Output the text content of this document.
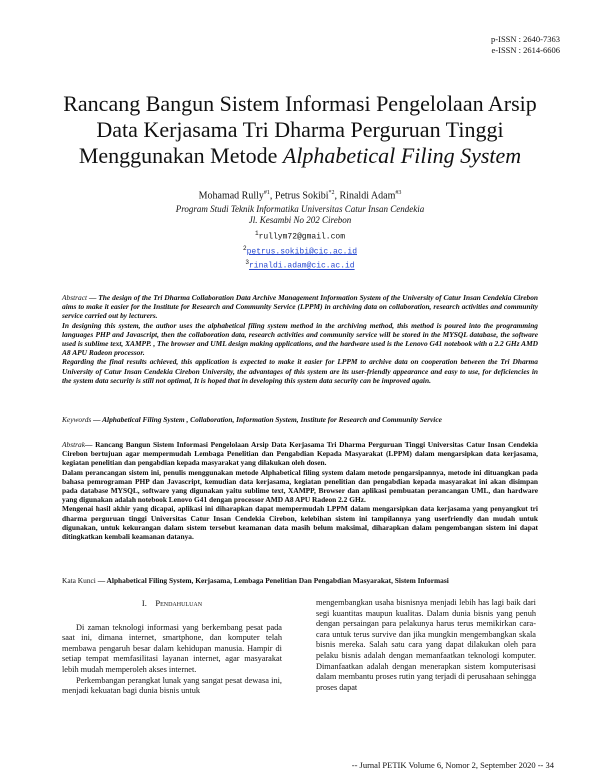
p-ISSN : 2640-7363
e-ISSN : 2614-6606
Rancang Bangun Sistem Informasi Pengelolaan Arsip Data Kerjasama Tri Dharma Perguruan Tinggi Menggunakan Metode Alphabetical Filing System
Mohamad Rully$^{\#1}$, Petrus Sokibi$^{*2}$, Rinaldi Adam$^{\#3}$
Program Studi Teknik Informatika Universitas Catur Insan Cendekia
Jl. Kesambi No 202 Cirebon
$^1$rullym72@gmail.com
$^2$petrus.sokibi@cic.ac.id
$^3$rinaldi.adam@cic.ac.id

Abstract — The design of the Tri Dharma Collaboration Data Archive Management Information System of the University of Catur Insan Cendekia Cirebon aims to make it easier for the Institute for Research and Community Service (LPPM) in archiving data on collaboration, research activities and community service carried out by lecturers.

In designing this system, the author uses the alphabetical filing system method in the archiving method, this method is poured into the programming languages PHP and Javascript, then the collaboration data, research activities and community service will be stored in the MYSQL database, the software used is sublime text, XAMPP. , The browser and UML design making applications, and the hardware used is the Lenovo G41 notebook with a 2.2 GHz AMD A8 APU Radeon processor.

Regarding the final results achieved, this application is expected to make it easier for LPPM to archive data on cooperation between the Tri Dharma University of Catur Insan Cendekia Cirebon University, the advantages of this system are its user-friendly appearance and easy to use, for deficiencies in the system data security is still not optimal, It is hoped that in developing this system data security can be improved again.

Keywords — Alphabetical Filing System , Collaboration, Information System, Institute for Research and Community Service

Abstrak— Rancang Bangun Sistem Informasi Pengelolaan Arsip Data Kerjasama Tri Dharma Perguruan Tinggi Universitas Catur Insan Cendekia Cirebon bertujuan agar mempermudah Lembaga Penelitian dan Pengabdian Kepada Masyarakat (LPPM) dalam mengarsipkan data kerjasama, kegiatan penelitian dan pengabdian kepada masyarakat yang dilakukan oleh dosen.

Dalam perancangan sistem ini, penulis menggunakan metode Alphabetical filing system dalam metode pengarsipannya, metode ini dituangkan pada bahasa pemrograman PHP dan Javascript, kemudian data kerjasama, kegiatan penelitian dan pengabdian kepada masyarakat ini akan disimpan pada database MYSQL, software yang digunakan yaitu sublime text, XAMPP, Browser dan aplikasi pembuatan perancangan UML, dan hardware yang digunakan adalah notebook Lenovo G41 dengan processor AMD A8 APU Radeon 2.2 GHz.

Mengenai hasil akhir yang dicapai, aplikasi ini diharapkan dapat mempermudah LPPM dalam mengarsipkan data kerjasama yang penyangkut tri dharma perguruan tinggi Universitas Catur Insan Cendekia Cirebon, kelebihan sistem ini tampilannya yang userfriendly dan mudah untuk digunakan, untuk kekurangan dalam sistem tersebut keamanan data masih belum maksimal, diharapkan dalam pengembangan sistem ini dapat ditingkatkan kembali keamanan datanya.

Kata Kunci — Alphabetical Filing System, Kerjasama, Lembaga Penelitian Dan Pengabdian Masyarakat, Sistem Informasi
I. Pendahuluan

Di zaman teknologi informasi yang berkembang pesat pada saat ini, dimana internet, smartphone, dan komputer telah membawa pengaruh besar dalam kehidupan manusia. Hampir di setiap tempat memfasilitasi layanan internet, agar masyarakat lebih mudah memperoleh akses internet.

Perkembangan perangkat lunak yang sangat pesat dewasa ini, menjadi kekuatan bagi dunia bisnis untuk

mengembangkan usaha bisnisnya menjadi lebih has lagi baik dari segi kuantitas maupun kualitas. Dalam dunia bisnis yang penuh dengan persaingan para pelakunya harus terus memikirkan cara-cara untuk terus survive dan jika mungkin mengembangkan skala bisnis mereka. Salah satu cara yang dapat dilakukan oleh para pelaku bisnis adalah dengan memanfaatkan teknologi komputer. Dimanfaatkan adalah dengan menerapkan sistem komputerisasi dalam membantu proses rutin yang terjadi di perusahaan sehingga proses dapat

-- Jurnal PETIK Volume 6, Nomor 2, September 2020 -- 34
